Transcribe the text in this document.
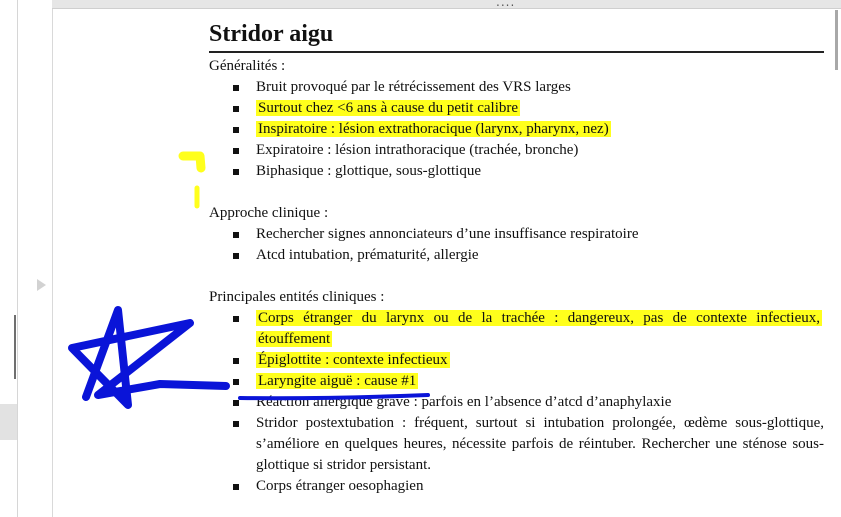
....
Stridor aigu

Généralités :

Bruit provoqué par le rétrécissement des VRS larges
Surtout chez <6 ans à cause du petit calibre
Inspiratoire : lésion extrathoracique (larynx, pharynx, nez)
Expiratoire : lésion intrathoracique (trachée, bronche)
Biphasique : glottique, sous-glottique

Approche clinique :

Rechercher signes annonciateurs d’une insuffisance respiratoire
Atcd intubation, prématurité, allergie

Principales entités cliniques :

Corps étranger du larynx ou de la trachée : dangereux, pas de contexte infectieux, étouffement
Épiglottite : contexte infectieux
Laryngite aiguë : cause #1
Réaction allergique grave : parfois en l’absence d’atcd d’anaphylaxie
Stridor postextubation : fréquent, surtout si intubation prolongée, œdème sous-glottique, s’améliore en quelques heures, nécessite parfois de réintuber. Rechercher une sténose sous-glottique si stridor persistant.
Corps étranger oesophagien
